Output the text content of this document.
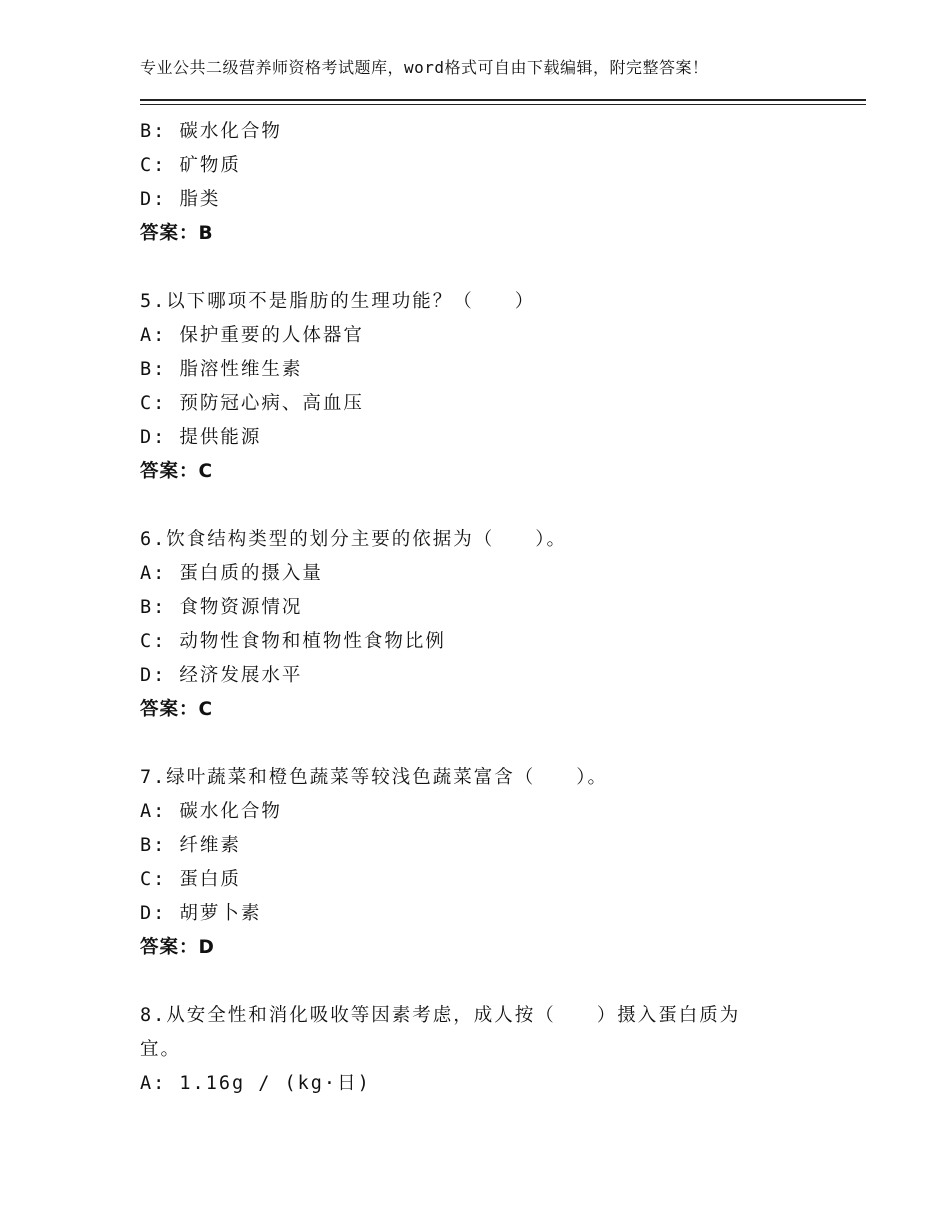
专业公共二级营养师资格考试题库，word格式可自由下载编辑，附完整答案！
B: 碳水化合物
C: 矿物质
D: 脂类
答案：B
5.以下哪项不是脂肪的生理功能？（　　）
A: 保护重要的人体器官
B: 脂溶性维生素
C: 预防冠心病、高血压
D: 提供能源
答案：C
6.饮食结构类型的划分主要的依据为（　　）。
A: 蛋白质的摄入量
B: 食物资源情况
C: 动物性食物和植物性食物比例
D: 经济发展水平
答案：C
7.绿叶蔬菜和橙色蔬菜等较浅色蔬菜富含（　　）。
A: 碳水化合物
B: 纤维素
C: 蛋白质
D: 胡萝卜素
答案：D
8.从安全性和消化吸收等因素考虑，成人按（　　）摄入蛋白质为宜。
A: 1.16g / (kg·日)
